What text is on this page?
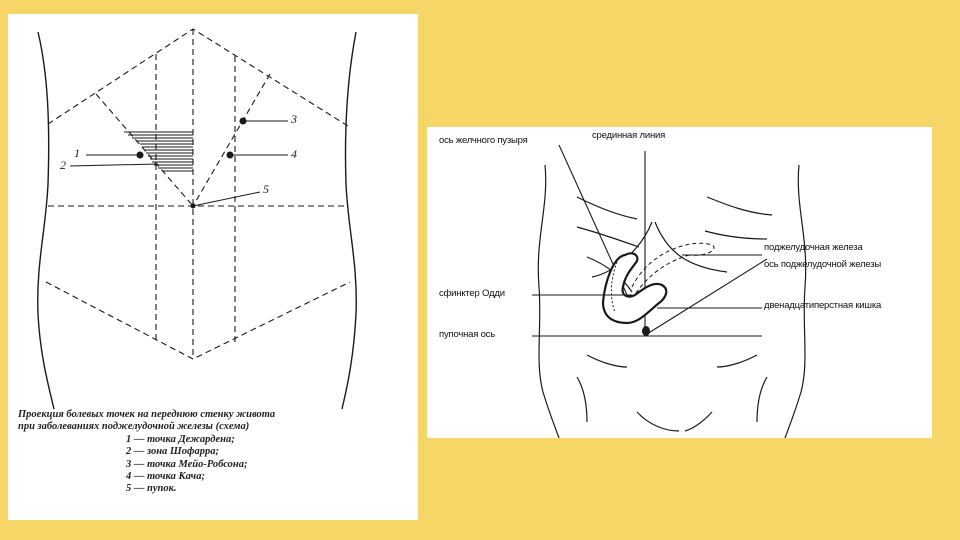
1
2
3
4
5
Проекция болевых точек на переднюю стенку живота
при заболеваниях поджелудочной железы (схема)
1 — точка Дежардена;
2 — зона Шофарра;
3 — точка Мейо-Робсона;
4 — точка Кача;
5 — пупок.
ось желчного пузыря	срединная линия
поджелудочная железа
ось поджелудочной железы
сфинктер Одди
двенадцатиперстная кишка
пупочная ось
